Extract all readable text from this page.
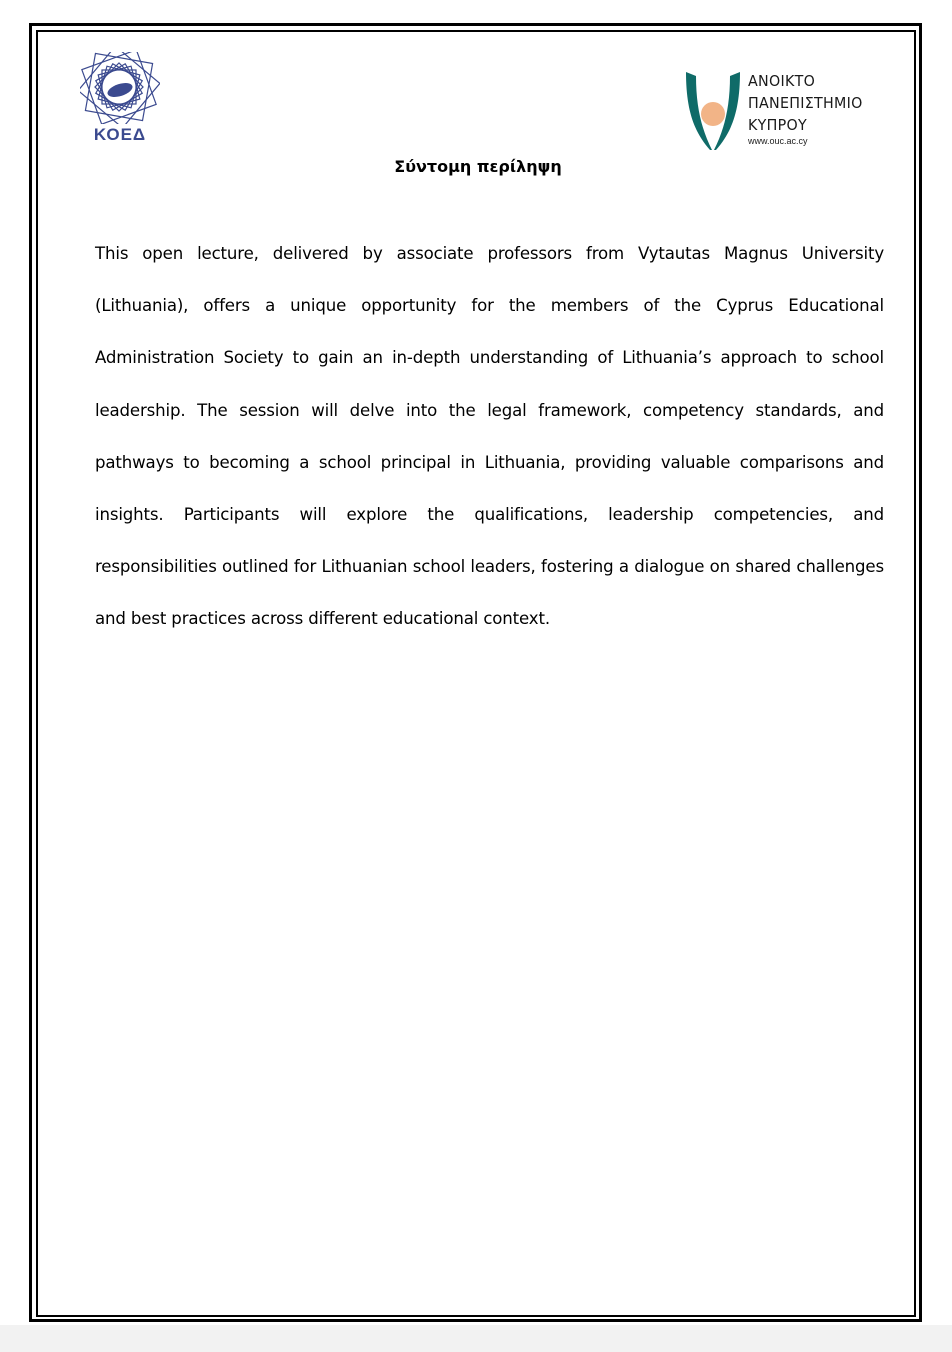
ΚΟΕΔ
ΑΝΟΙΚΤΟ
ΠΑΝΕΠΙΣΤΗΜΙΟ
ΚΥΠΡΟΥ
www.ouc.ac.cy
Σύντομη περίληψη

This open lecture, delivered by associate professors from Vytautas Magnus University (Lithuania), offers a unique opportunity for the members of the Cyprus Educational Administration Society to gain an in-depth understanding of Lithuania’s approach to school leadership. The session will delve into the legal framework, competency standards, and pathways to becoming a school principal in Lithuania, providing valuable comparisons and insights. Participants will explore the qualifications, leadership competencies, and responsibilities outlined for Lithuanian school leaders, fostering a dialogue on shared challenges and best practices across different educational context.
